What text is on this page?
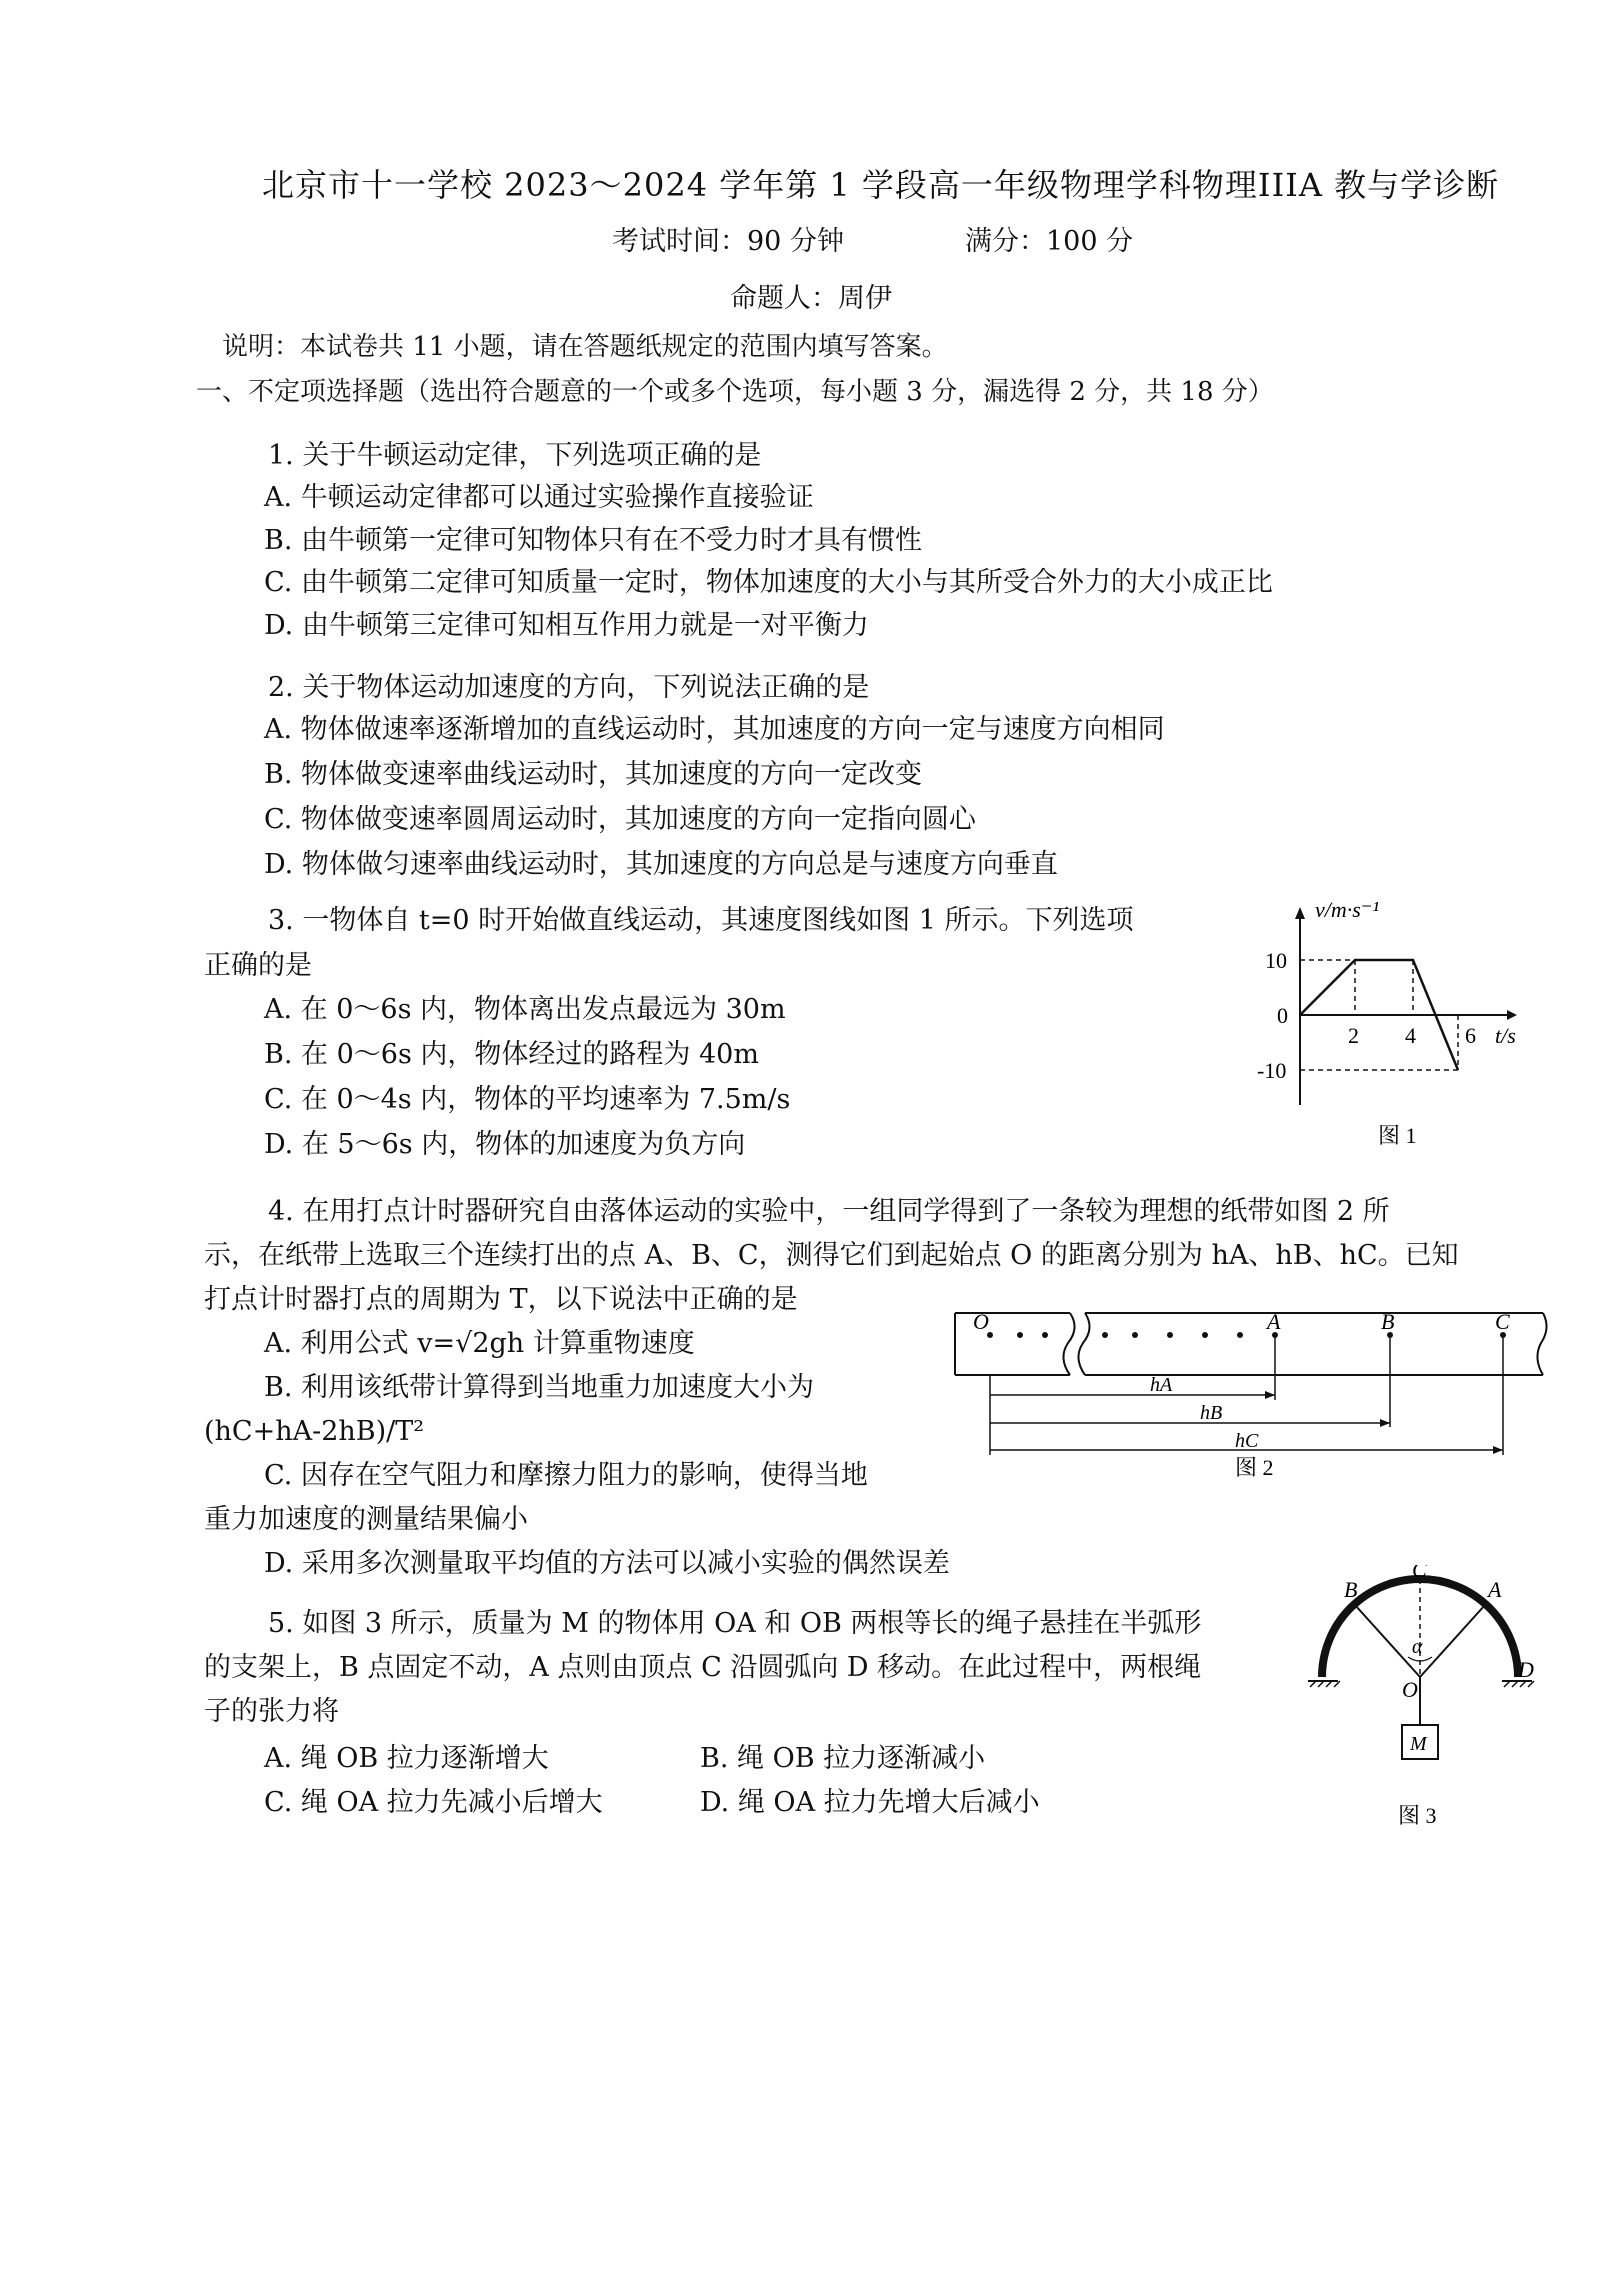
北京市十一学校 2023～2024 学年第 1 学段高一年级物理学科物理IIIA 教与学诊断
考试时间：90 分钟	满分：100 分
命题人：周伊
说明：本试卷共 11 小题，请在答题纸规定的范围内填写答案。
一、不定项选择题（选出符合题意的一个或多个选项，每小题 3 分，漏选得 2 分，共 18 分）
1. 关于牛顿运动定律，下列选项正确的是
A. 牛顿运动定律都可以通过实验操作直接验证
B. 由牛顿第一定律可知物体只有在不受力时才具有惯性
C. 由牛顿第二定律可知质量一定时，物体加速度的大小与其所受合外力的大小成正比
D. 由牛顿第三定律可知相互作用力就是一对平衡力
2. 关于物体运动加速度的方向，下列说法正确的是
A. 物体做速率逐渐增加的直线运动时，其加速度的方向一定与速度方向相同
B. 物体做变速率曲线运动时，其加速度的方向一定改变
C. 物体做变速率圆周运动时，其加速度的方向一定指向圆心
D. 物体做匀速率曲线运动时，其加速度的方向总是与速度方向垂直
3. 一物体自 t=0 时开始做直线运动，其速度图线如图 1 所示。下列选项
正确的是
A. 在 0～6s 内，物体离出发点最远为 30m
B. 在 0～6s 内，物体经过的路程为 40m
C. 在 0～4s 内，物体的平均速率为 7.5m/s
D. 在 5～6s 内，物体的加速度为负方向
v/m·s⁻¹
10
0
-10
2 4 6 t/s
图 1
4. 在用打点计时器研究自由落体运动的实验中，一组同学得到了一条较为理想的纸带如图 2 所
示，在纸带上选取三个连续打出的点 A、B、C，测得它们到起始点 O 的距离分别为 hA、hB、hC。已知
打点计时器打点的周期为 T，以下说法中正确的是
A. 利用公式 v=√2gh 计算重物速度
B. 利用该纸带计算得到当地重力加速度大小为
(hC+hA-2hB)/T²
C. 因存在空气阻力和摩擦力阻力的影响，使得当地
重力加速度的测量结果偏小
D. 采用多次测量取平均值的方法可以减小实验的偶然误差
O	A	B	C
hA
hB
hC
图 2
5. 如图 3 所示，质量为 M 的物体用 OA 和 OB 两根等长的绳子悬挂在半弧形
的支架上，B 点固定不动，A 点则由顶点 C 沿圆弧向 D 移动。在此过程中，两根绳
子的张力将
A. 绳 OB 拉力逐渐增大	B. 绳 OB 拉力逐渐减小
C. 绳 OA 拉力先减小后增大	D. 绳 OA 拉力先增大后减小
B
C
A
D
O
α
M
图 3
